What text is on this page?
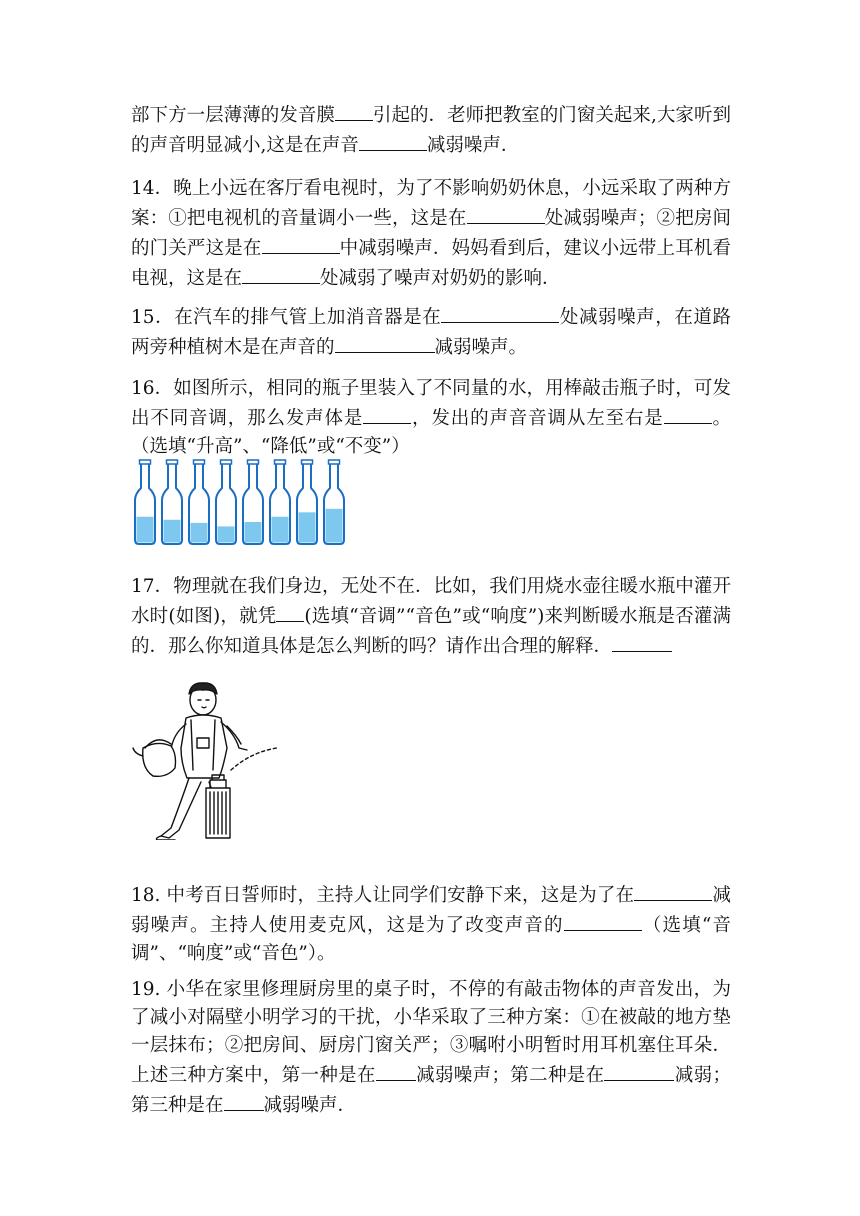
部下方一层薄薄的发音膜 引起的．老师把教室的门窗关起来,大家听到的声音明显减小,这是在声音	减弱噪声．
14．晚上小远在客厅看电视时，为了不影响奶奶休息，小远采取了两种方案：①把电视机的音量调小一些，这是在	处减弱噪声；②把房间的门关严这是在	中减弱噪声．妈妈看到后，建议小远带上耳机看电视，这是在	处减弱了噪声对奶奶的影响．
15．在汽车的排气管上加消音器是在	处减弱噪声，在道路两旁种植树木是在声音的	减弱噪声。
16．如图所示，相同的瓶子里装入了不同量的水，用棒敲击瓶子时，可发出不同音调，那么发声体是	，发出的声音音调从左至右是	。（选填“升高”、“降低”或“不变”）
17．物理就在我们身边，无处不在．比如，我们用烧水壶往暖水瓶中灌开水时(如图)，就凭 (选填“音调”“音色”或“响度”)来判断暖水瓶是否灌满的．那么你知道具体是怎么判断的吗？请作出合理的解释．
18. 中考百日誓师时，主持人让同学们安静下来，这是为了在	减弱噪声。主持人使用麦克风，这是为了改变声音的	（选填“音调”、“响度”或“音色”）。
19. 小华在家里修理厨房里的桌子时，不停的有敲击物体的声音发出，为了减小对隔壁小明学习的干扰，小华采取了三种方案：①在被敲的地方垫一层抹布；②把房间、厨房门窗关严；③嘱咐小明暂时用耳机塞住耳朵．上述三种方案中，第一种是在 减弱噪声；第二种是在	减弱；第三种是在 减弱噪声．
